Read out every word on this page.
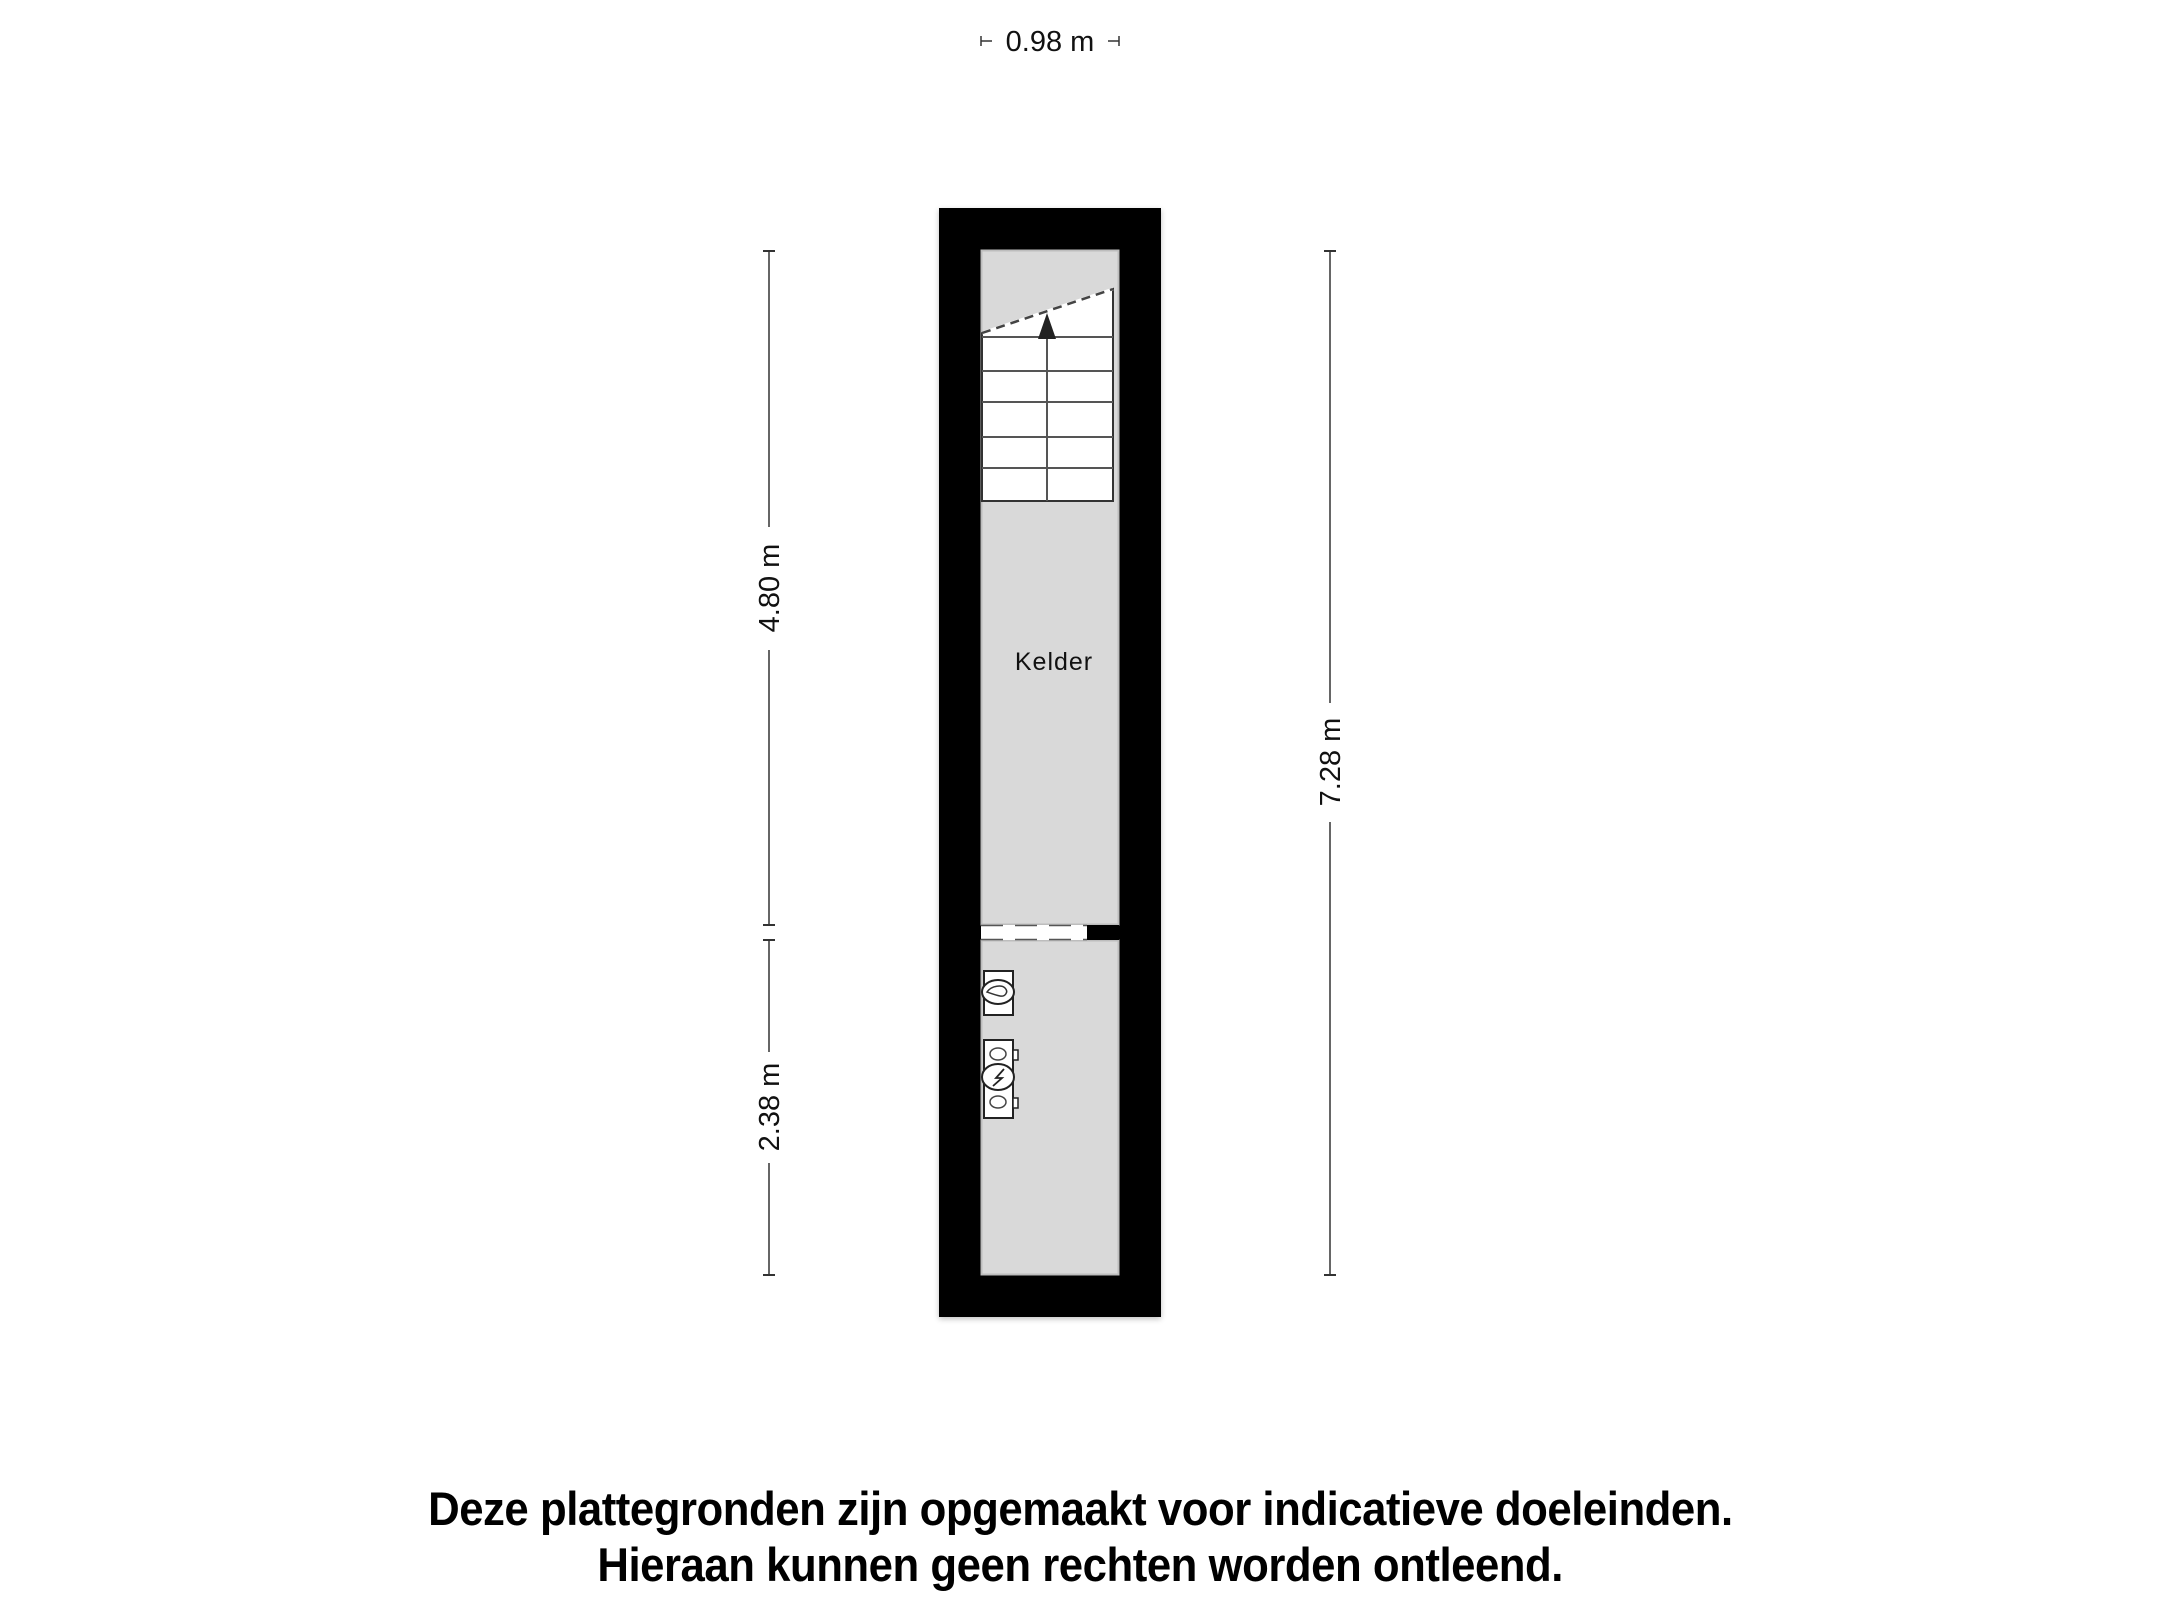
0.98 m
4.80 m
2.38 m
7.28 m
Kelder
Deze plattegronden zijn opgemaakt voor indicatieve doeleinden.
Hieraan kunnen geen rechten worden ontleend.
